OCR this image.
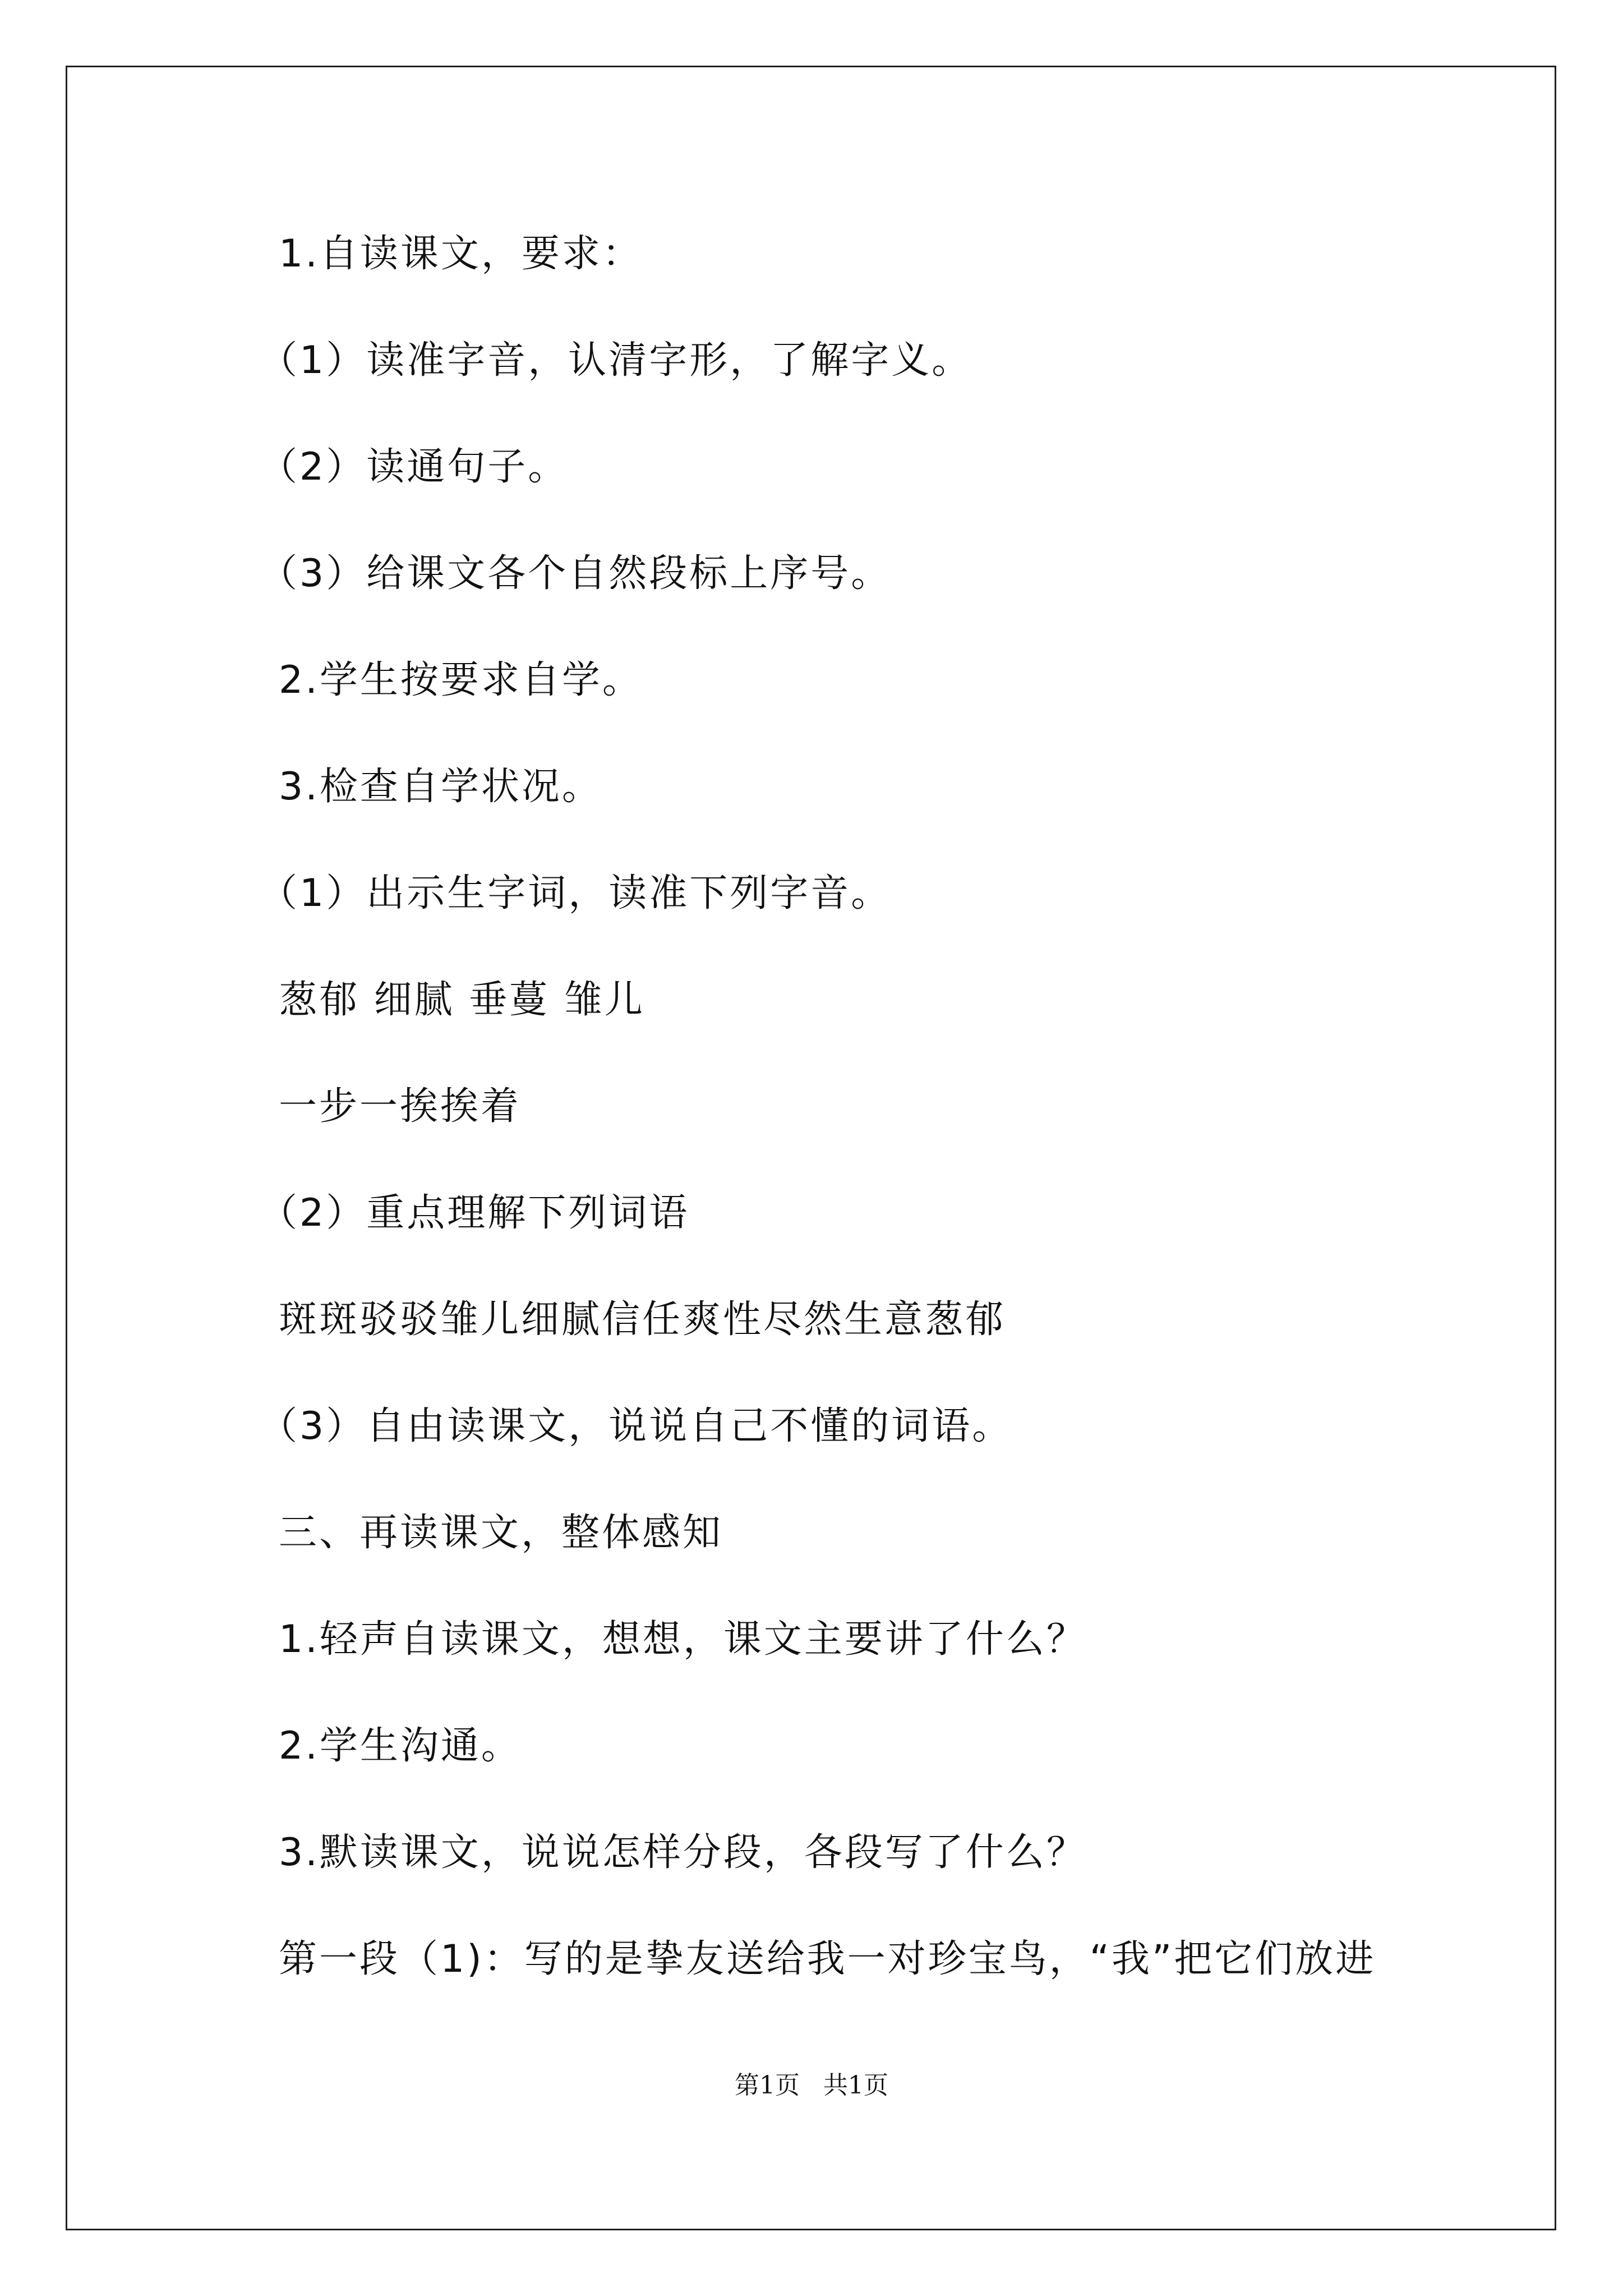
1.自读课文，要求：
（1）读准字音，认清字形，了解字义。
（2）读通句子。
（3）给课文各个自然段标上序号。
2.学生按要求自学。
3.检查自学状况。
（1）出示生字词，读准下列字音。
葱郁 细腻 垂蔓 雏儿
一步一挨挨着
（2）重点理解下列词语
斑斑驳驳雏儿细腻信任爽性尽然生意葱郁
（3）自由读课文，说说自己不懂的词语。
三、再读课文，整体感知
1.轻声自读课文，想想，课文主要讲了什么？
2.学生沟通。
3.默读课文，说说怎样分段，各段写了什么？
第一段（1)：写的是挚友送给我一对珍宝鸟，“我”把它们放进
第1页   共1页
